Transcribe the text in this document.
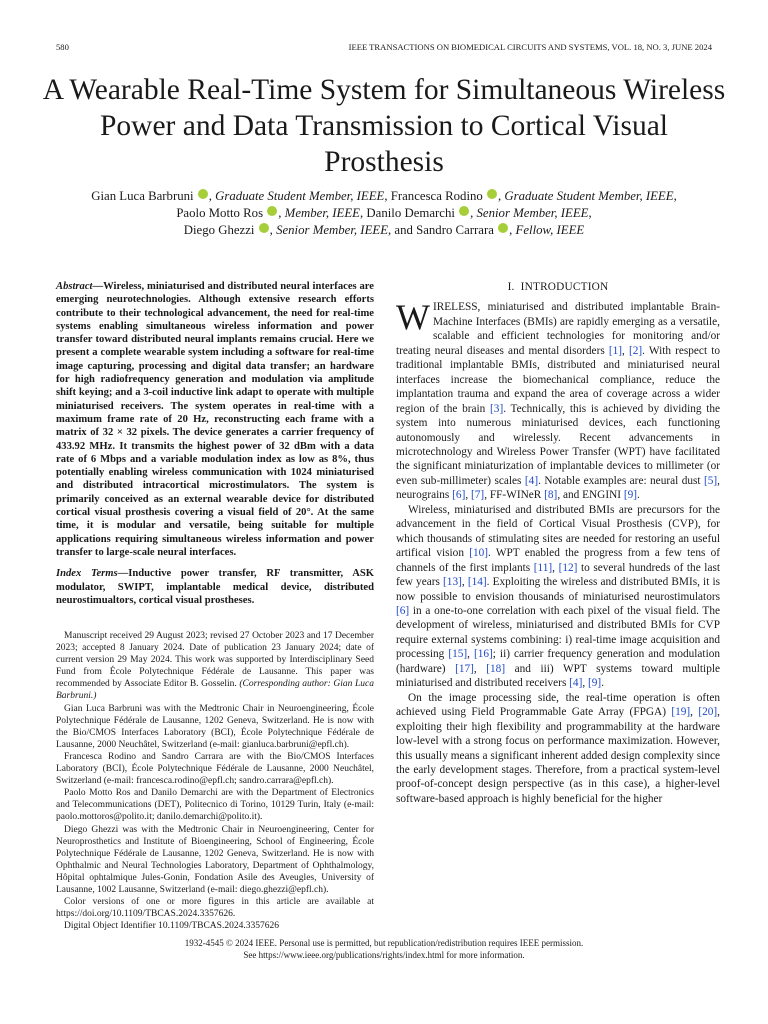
580	IEEE TRANSACTIONS ON BIOMEDICAL CIRCUITS AND SYSTEMS, VOL. 18, NO. 3, JUNE 2024
A Wearable Real-Time System for Simultaneous Wireless Power and Data Transmission to Cortical Visual Prosthesis
Gian Luca Barbruni , Graduate Student Member, IEEE, Francesca Rodino , Graduate Student Member, IEEE,
Paolo Motto Ros , Member, IEEE, Danilo Demarchi , Senior Member, IEEE,
Diego Ghezzi , Senior Member, IEEE, and Sandro Carrara , Fellow, IEEE

Abstract—Wireless, miniaturised and distributed neural interfaces are emerging neurotechnologies. Although extensive research efforts contribute to their technological advancement, the need for real-time systems enabling simultaneous wireless information and power transfer toward distributed neural implants remains crucial. Here we present a complete wearable system including a software for real-time image capturing, processing and digital data transfer; an hardware for high radiofrequency generation and modulation via amplitude shift keying; and a 3-coil inductive link adapt to operate with multiple miniaturised receivers. The system operates in real-time with a maximum frame rate of 20 Hz, reconstructing each frame with a matrix of 32 × 32 pixels. The device generates a carrier frequency of 433.92 MHz. It transmits the highest power of 32 dBm with a data rate of 6 Mbps and a variable modulation index as low as 8%, thus potentially enabling wireless communication with 1024 miniaturised and distributed intracortical microstimulators. The system is primarily conceived as an external wearable device for distributed cortical visual prosthesis covering a visual field of 20°. At the same time, it is modular and versatile, being suitable for multiple applications requiring simultaneous wireless information and power transfer to large-scale neural interfaces.

Index Terms—Inductive power transfer, RF transmitter, ASK modulator, SWIPT, implantable medical device, distributed neurostimualtors, cortical visual prostheses.

Manuscript received 29 August 2023; revised 27 October 2023 and 17 December 2023; accepted 8 January 2024. Date of publication 23 January 2024; date of current version 29 May 2024. This work was supported by Interdisciplinary Seed Fund from École Polytechnique Fédérale de Lausanne. This paper was recommended by Associate Editor B. Gosselin. (Corresponding author: Gian Luca Barbruni.)

Gian Luca Barbruni was with the Medtronic Chair in Neuroengineering, École Polytechnique Fédérale de Lausanne, 1202 Geneva, Switzerland. He is now with the Bio/CMOS Interfaces Laboratory (BCI), École Polytechnique Fédérale de Lausanne, 2000 Neuchâtel, Switzerland (e-mail: gianluca.barbruni@epfl.ch).

Francesca Rodino and Sandro Carrara are with the Bio/CMOS Interfaces Laboratory (BCI), École Polytechnique Fédérale de Lausanne, 2000 Neuchâtel, Switzerland (e-mail: francesca.rodino@epfl.ch; sandro.carrara@epfl.ch).

Paolo Motto Ros and Danilo Demarchi are with the Department of Electronics and Telecommunications (DET), Politecnico di Torino, 10129 Turin, Italy (e-mail: paolo.mottoros@polito.it; danilo.demarchi@polito.it).

Diego Ghezzi was with the Medtronic Chair in Neuroengineering, Center for Neuroprosthetics and Institute of Bioengineering, School of Engineering, École Polytechnique Fédérale de Lausanne, 1202 Geneva, Switzerland. He is now with Ophthalmic and Neural Technologies Laboratory, Department of Ophthalmology, Hôpital ophtalmique Jules-Gonin, Fondation Asile des Aveugles, University of Lausanne, 1002 Lausanne, Switzerland (e-mail: diego.ghezzi@epfl.ch).

Color versions of one or more figures in this article are available at https://doi.org/10.1109/TBCAS.2024.3357626.

Digital Object Identifier 10.1109/TBCAS.2024.3357626

I. INTRODUCTION

WIRELESS, miniaturised and distributed implantable Brain-Machine Interfaces (BMIs) are rapidly emerging as a versatile, scalable and efficient technologies for monitoring and/or treating neural diseases and mental disorders [1], [2]. With respect to traditional implantable BMIs, distributed and miniaturised neural interfaces increase the biomechanical compliance, reduce the implantation trauma and expand the area of coverage across a wider region of the brain [3]. Technically, this is achieved by dividing the system into numerous miniaturised devices, each functioning autonomously and wirelessly. Recent advancements in microtechnology and Wireless Power Transfer (WPT) have facilitated the significant miniaturization of implantable devices to millimeter (or even sub-millimeter) scales [4]. Notable examples are: neural dust [5], neurograins [6], [7], FF-WINeR [8], and ENGINI [9].

Wireless, miniaturised and distributed BMIs are precursors for the advancement in the field of Cortical Visual Prosthesis (CVP), for which thousands of stimulating sites are needed for restoring an useful artifical vision [10]. WPT enabled the progress from a few tens of channels of the first implants [11], [12] to several hundreds of the last few years [13], [14]. Exploiting the wireless and distributed BMIs, it is now possible to envision thousands of miniaturised neurostimulators [6] in a one-to-one correlation with each pixel of the visual field. The development of wireless, miniaturised and distributed BMIs for CVP require external systems combining: i) real-time image acquisition and processing [15], [16]; ii) carrier frequency generation and modulation (hardware) [17], [18] and iii) WPT systems toward multiple miniaturised and distributed receivers [4], [9].

On the image processing side, the real-time operation is often achieved using Field Programmable Gate Array (FPGA) [19], [20], exploiting their high flexibility and programmability at the hardware low-level with a strong focus on performance maximization. However, this usually means a significant inherent added design complexity since the early development stages. Therefore, from a practical system-level proof-of-concept design perspective (as in this case), a higher-level software-based approach is highly beneficial for the higher

1932-4545 © 2024 IEEE. Personal use is permitted, but republication/redistribution requires IEEE permission.
See https://www.ieee.org/publications/rights/index.html for more information.
